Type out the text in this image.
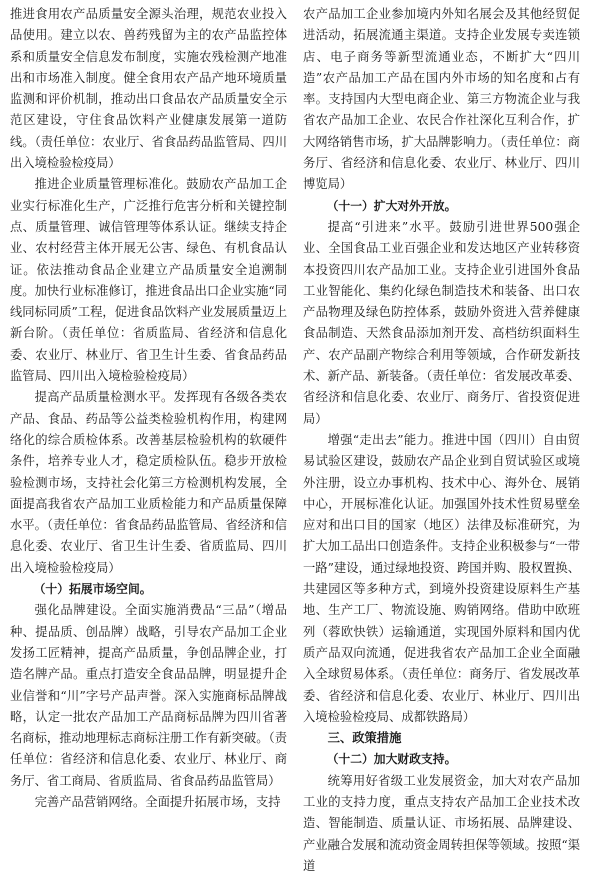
推进食用农产品质量安全源头治理，规范农业投入品使用。建立以农、兽药残留为主的农产品监控体系和质量安全信息发布制度，实施农残检测产地准出和市场准入制度。健全食用农产品产地环境质量监测和评价机制，推动出口食品农产品质量安全示范区建设，守住食品饮料产业健康发展第一道防线。（责任单位：农业厅、省食品药品监管局、四川出入境检验检疫局）

推进企业质量管理标准化。鼓励农产品加工企业实行标准化生产，广泛推行危害分析和关键控制点、质量管理、诚信管理等体系认证。继续支持企业、农村经营主体开展无公害、绿色、有机食品认证。依法推动食品企业建立产品质量安全追溯制度。加快行业标准修订，推进食品出口企业实施“同线同标同质”工程，促进食品饮料产业发展质量迈上新台阶。（责任单位：省质监局、省经济和信息化委、农业厅、林业厅、省卫生计生委、省食品药品监管局、四川出入境检验检疫局）

提高产品质量检测水平。发挥现有各级各类农产品、食品、药品等公益类检验机构作用，构建网络化的综合质检体系。改善基层检验机构的软硬件条件，培养专业人才，稳定质检队伍。稳步开放检验检测市场，支持社会化第三方检测机构发展，全面提高我省农产品加工业质检能力和产品质量保障水平。（责任单位：省食品药品监管局、省经济和信息化委、农业厅、省卫生计生委、省质监局、四川出入境检验检疫局）

（十）拓展市场空间。

强化品牌建设。全面实施消费品“三品”（增品种、提品质、创品牌）战略，引导农产品加工企业发扬工匠精神，提高产品质量，争创品牌企业，打造名牌产品。重点打造安全食品品牌，明显提升企业信誉和“川”字号产品声誉。深入实施商标品牌战略，认定一批农产品加工产品商标品牌为四川省著名商标，推动地理标志商标注册工作有新突破。（责任单位：省经济和信息化委、农业厅、林业厅、商务厅、省工商局、省质监局、省食品药品监管局）

完善产品营销网络。全面提升拓展市场，支持

农产品加工企业参加境内外知名展会及其他经贸促进活动，拓展流通主渠道。支持企业发展专卖连锁店、电子商务等新型流通业态，不断扩大“四川造”农产品加工产品在国内外市场的知名度和占有率。支持国内大型电商企业、第三方物流企业与我省农产品加工企业、农民合作社深化互利合作，扩大网络销售市场，扩大品牌影响力。（责任单位：商务厅、省经济和信息化委、农业厅、林业厅、四川博览局）

（十一）扩大对外开放。

提高“引进来”水平。鼓励引进世界500强企业、全国食品工业百强企业和发达地区产业转移资本投资四川农产品加工业。支持企业引进国外食品工业智能化、集约化绿色制造技术和装备、出口农产品物理及绿色防控体系，鼓励外资进入营养健康食品制造、天然食品添加剂开发、高档纺织面料生产、农产品副产物综合利用等领域，合作研发新技术、新产品、新装备。（责任单位：省发展改革委、省经济和信息化委、农业厅、商务厅、省投资促进局）

增强“走出去”能力。推进中国（四川）自由贸易试验区建设，鼓励农产品企业到自贸试验区或境外注册，设立办事机构、技术中心、海外仓、展销中心，开展标准化认证。加强国外技术性贸易壁垒应对和出口目的国家（地区）法律及标准研究，为扩大加工品出口创造条件。支持企业积极参与“一带一路”建设，通过绿地投资、跨国并购、股权置换、共建园区等多种方式，到境外投资建设原料生产基地、生产工厂、物流设施、购销网络。借助中欧班列（蓉欧快铁）运输通道，实现国外原料和国内优质产品双向流通，促进我省农产品加工企业全面融入全球贸易体系。（责任单位：商务厅、省发展改革委、省经济和信息化委、农业厅、林业厅、四川出入境检验检疫局、成都铁路局）

三、政策措施

（十二）加大财政支持。

统筹用好省级工业发展资金，加大对农产品加工业的支持力度，重点支持农产品加工企业技术改造、智能制造、质量认证、市场拓展、品牌建设、产业融合发展和流动资金周转担保等领域。按照“渠道
